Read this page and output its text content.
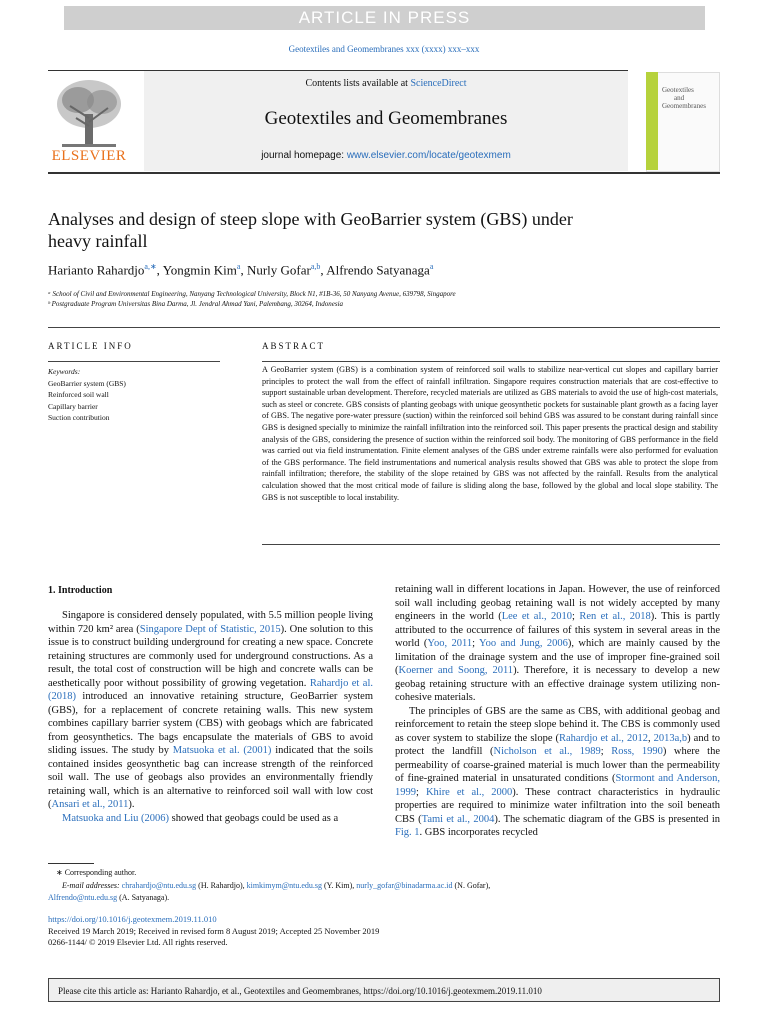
ARTICLE IN PRESS
Geotextiles and Geomembranes xxx (xxxx) xxx–xxx
Contents lists available at ScienceDirect
Geotextiles and Geomembranes
journal homepage: www.elsevier.com/locate/geotexmem
ELSEVIER
Geotextiles
and
Geomembranes
Analyses and design of steep slope with GeoBarrier system (GBS) under
heavy rainfall
Harianto Rahardjo$^{a,∗}$, Yongmin Kim$^a$, Nurly Gofar$^{a,b}$, Alfrendo Satyanaga$^a$
ᵃ School of Civil and Environmental Engineering, Nanyang Technological University, Block N1, #1B-36, 50 Nanyang Avenue, 639798, Singapore
ᵇ Postgraduate Program Universitas Bina Darma, Jl. Jendral Ahmad Yani, Palembang, 30264, Indonesia
ARTICLE INFO	ABSTRACT
Keywords:
GeoBarrier system (GBS)
Reinforced soil wall
Capillary barrier
Suction contribution
A GeoBarrier system (GBS) is a combination system of reinforced soil walls to stabilize near-vertical cut slopes and capillary barrier principles to protect the wall from the effect of rainfall infiltration. Singapore requires construction materials that are cost-effective to support sustainable urban development. Therefore, recycled materials are utilized as GBS materials to avoid the use of high-cost materials, such as steel or concrete. GBS consists of planting geobags with unique geosynthetic pockets for sustainable plant growth as a facing layer of GBS. The negative pore-water pressure (suction) within the reinforced soil behind GBS was assured to be constant during rainfall since GBS is designed specially to minimize the rainfall infiltration into the reinforced soil. This paper presents the practical design and stability analysis of the GBS, considering the presence of suction within the reinforced soil body. The monitoring of GBS performance in the field was carried out via field instrumentation. Finite element analyses of the GBS under extreme rainfalls were also performed for evaluation of the GBS performance. The field instrumentations and numerical analysis results showed that GBS was able to protect the slope from rainfall infiltration; therefore, the stability of the slope retained by GBS was not affected by the rainfall. Results from the analytical calculation showed that the most critical mode of failure is sliding along the base, followed by the global and local slope stability. The GBS is not susceptible to local instability.
1. Introduction

Singapore is considered densely populated, with 5.5 million people living within 720 km² area (Singapore Dept of Statistic, 2015). One solution to this issue is to construct building underground for creating a new space. Concrete retaining structures are commonly used for underground constructions. As a result, the total cost of construction will be high and concrete walls can be aesthetically poor without possibility of growing vegetation. Rahardjo et al. (2018) introduced an innovative retaining structure, GeoBarrier system (GBS), for a replacement of concrete retaining walls. This new system combines capillary barrier system (CBS) with geobags which are fabricated from geosynthetics. The bags encapsulate the materials of GBS to avoid sliding issues. The study by Matsuoka et al. (2001) indicated that the soils contained insides geosynthetic bag can increase strength of the reinforced soil wall. The use of geobags also provides an environmentally friendly retaining wall, which is an alternative to reinforced soil wall with low cost (Ansari et al., 2011).

Matsuoka and Liu (2006) showed that geobags could be used as a

retaining wall in different locations in Japan. However, the use of reinforced soil wall including geobag retaining wall is not widely accepted by many engineers in the world (Lee et al., 2010; Ren et al., 2018). This is partly attributed to the occurrence of failures of this system in several areas in the world (Yoo, 2011; Yoo and Jung, 2006), which are mainly caused by the limitation of the drainage system and the use of improper fine-grained soil (Koerner and Soong, 2011). Therefore, it is necessary to develop a new geobag retaining structure with an effective drainage system utilizing non-cohesive materials.

The principles of GBS are the same as CBS, with additional geobag and reinforcement to retain the steep slope behind it. The CBS is commonly used as cover system to stabilize the slope (Rahardjo et al., 2012, 2013a,b) and to protect the landfill (Nicholson et al., 1989; Ross, 1990) where the permeability of coarse-grained material is much lower than the permeability of fine-grained material in unsaturated conditions (Stormont and Anderson, 1999; Khire et al., 2000). These contract characteristics in hydraulic properties are required to minimize water infiltration into the soil beneath CBS (Tami et al., 2004). The schematic diagram of the GBS is presented in Fig. 1. GBS incorporates recycled

∗ Corresponding author.
E-mail addresses: chrahardjo@ntu.edu.sg (H. Rahardjo), kimkimym@ntu.edu.sg (Y. Kim), nurly_gofar@binadarma.ac.id (N. Gofar),
Alfrendo@ntu.edu.sg (A. Satyanaga).
https://doi.org/10.1016/j.geotexmem.2019.11.010
Received 19 March 2019; Received in revised form 8 August 2019; Accepted 25 November 2019
0266-1144/ © 2019 Elsevier Ltd. All rights reserved.
Please cite this article as: Harianto Rahardjo, et al., Geotextiles and Geomembranes, https://doi.org/10.1016/j.geotexmem.2019.11.010
